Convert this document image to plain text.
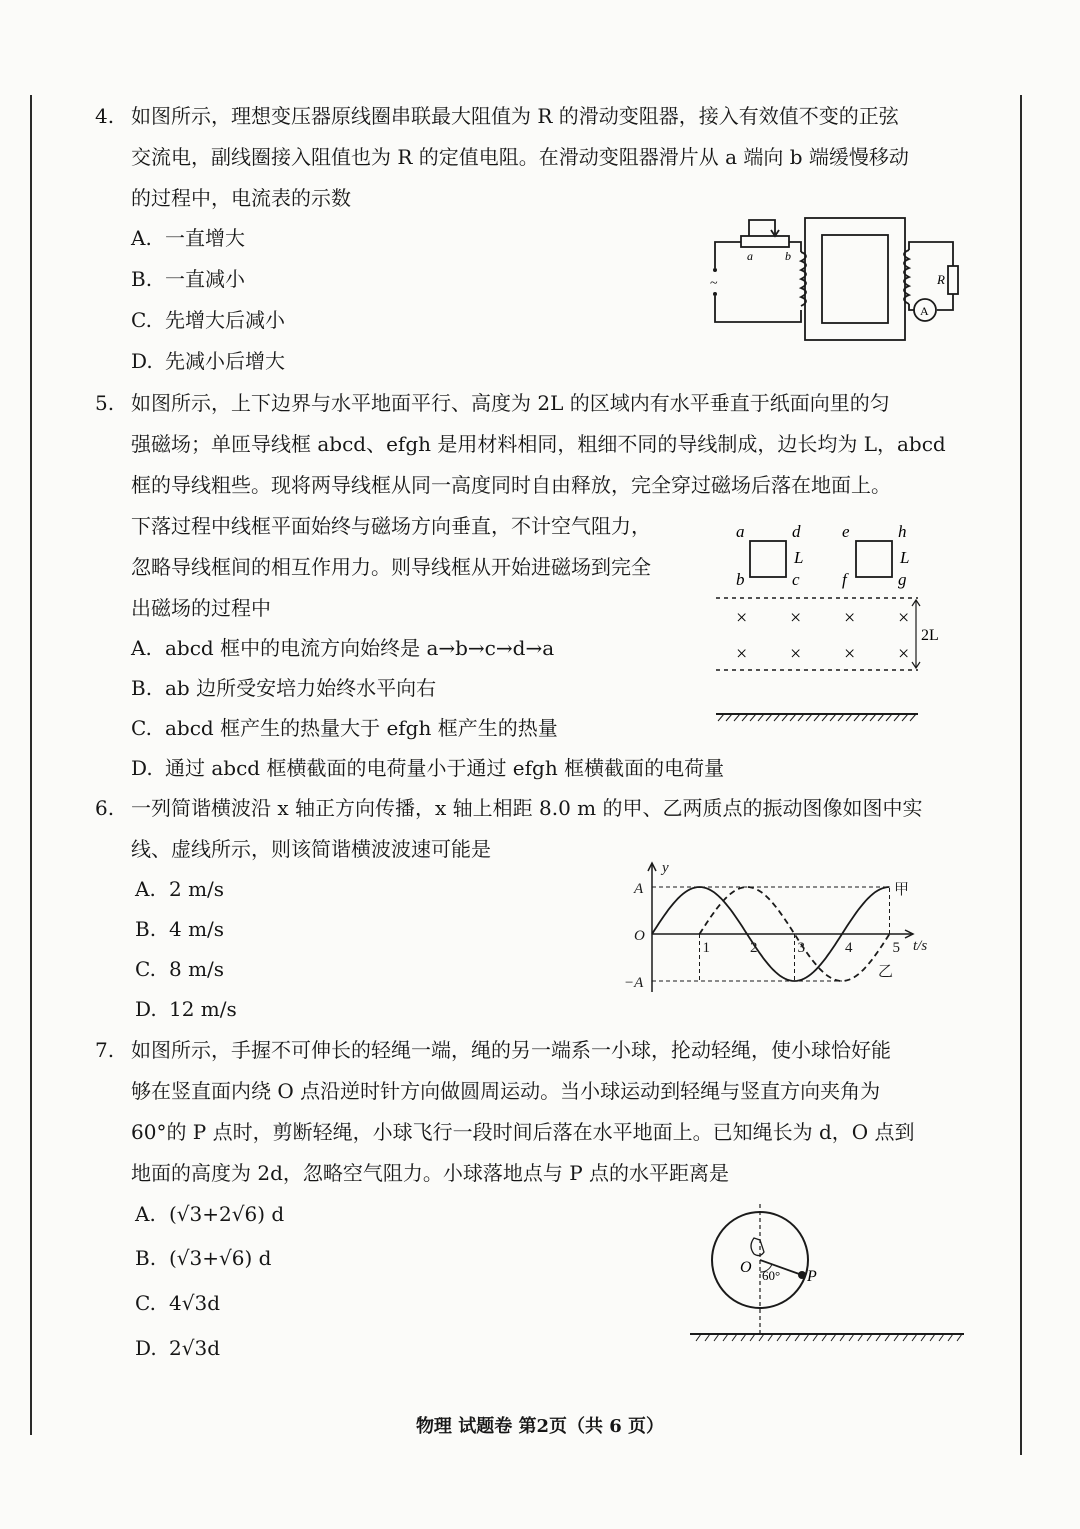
4. 如图所示，理想变压器原线圈串联最大阻值为 R 的滑动变阻器，接入有效值不变的正弦

交流电，副线圈接入阻值也为 R 的定值电阻。在滑动变阻器滑片从 a 端向 b 端缓慢移动

的过程中，电流表的示数

A. 一直增大
B. 一直减小
C. 先增大后减小
D. 先减小后增大
~
a	b
R
A

5. 如图所示，上下边界与水平地面平行、高度为 2L 的区域内有水平垂直于纸面向里的匀

强磁场；单匝导线框 abcd、efgh 是用材料相同，粗细不同的导线制成，边长均为 L，abcd

框的导线粗些。现将两导线框从同一高度同时自由释放，完全穿过磁场后落在地面上。

下落过程中线框平面始终与磁场方向垂直，不计空气阻力，

忽略导线框间的相互作用力。则导线框从开始进磁场到完全

出磁场的过程中

A. abcd 框中的电流方向始终是 a→b→c→d→a
B. ab 边所受安培力始终水平向右
C. abcd 框产生的热量大于 efgh 框产生的热量
D. 通过 abcd 框横截面的电荷量小于通过 efgh 框横截面的电荷量
a	d
b	c
L
e	h
f	g
L
× × × ×
× × × ×
2L

6. 一列简谐横波沿 x 轴正方向传播，x 轴上相距 8.0 m 的甲、乙两质点的振动图像如图中实

线、虚线所示，则该简谐横波波速可能是

A. 2 m/s
B. 4 m/s
C. 8 m/s
D. 12 m/s
1	2	3	4	5
A
O
−A
y
t/s
甲
乙

7. 如图所示，手握不可伸长的轻绳一端，绳的另一端系一小球，抡动轻绳，使小球恰好能

够在竖直面内绕 O 点沿逆时针方向做圆周运动。当小球运动到轻绳与竖直方向夹角为

60°的 P 点时，剪断轻绳，小球飞行一段时间后落在水平地面上。已知绳长为 d，O 点到

地面的高度为 2d，忽略空气阻力。小球落地点与 P 点的水平距离是

A. (√3+2√6) d
B. (√3+√6) d
C. 4√3d
D. 2√3d
O 60° P
物理 试题卷 第2页（共 6 页）
